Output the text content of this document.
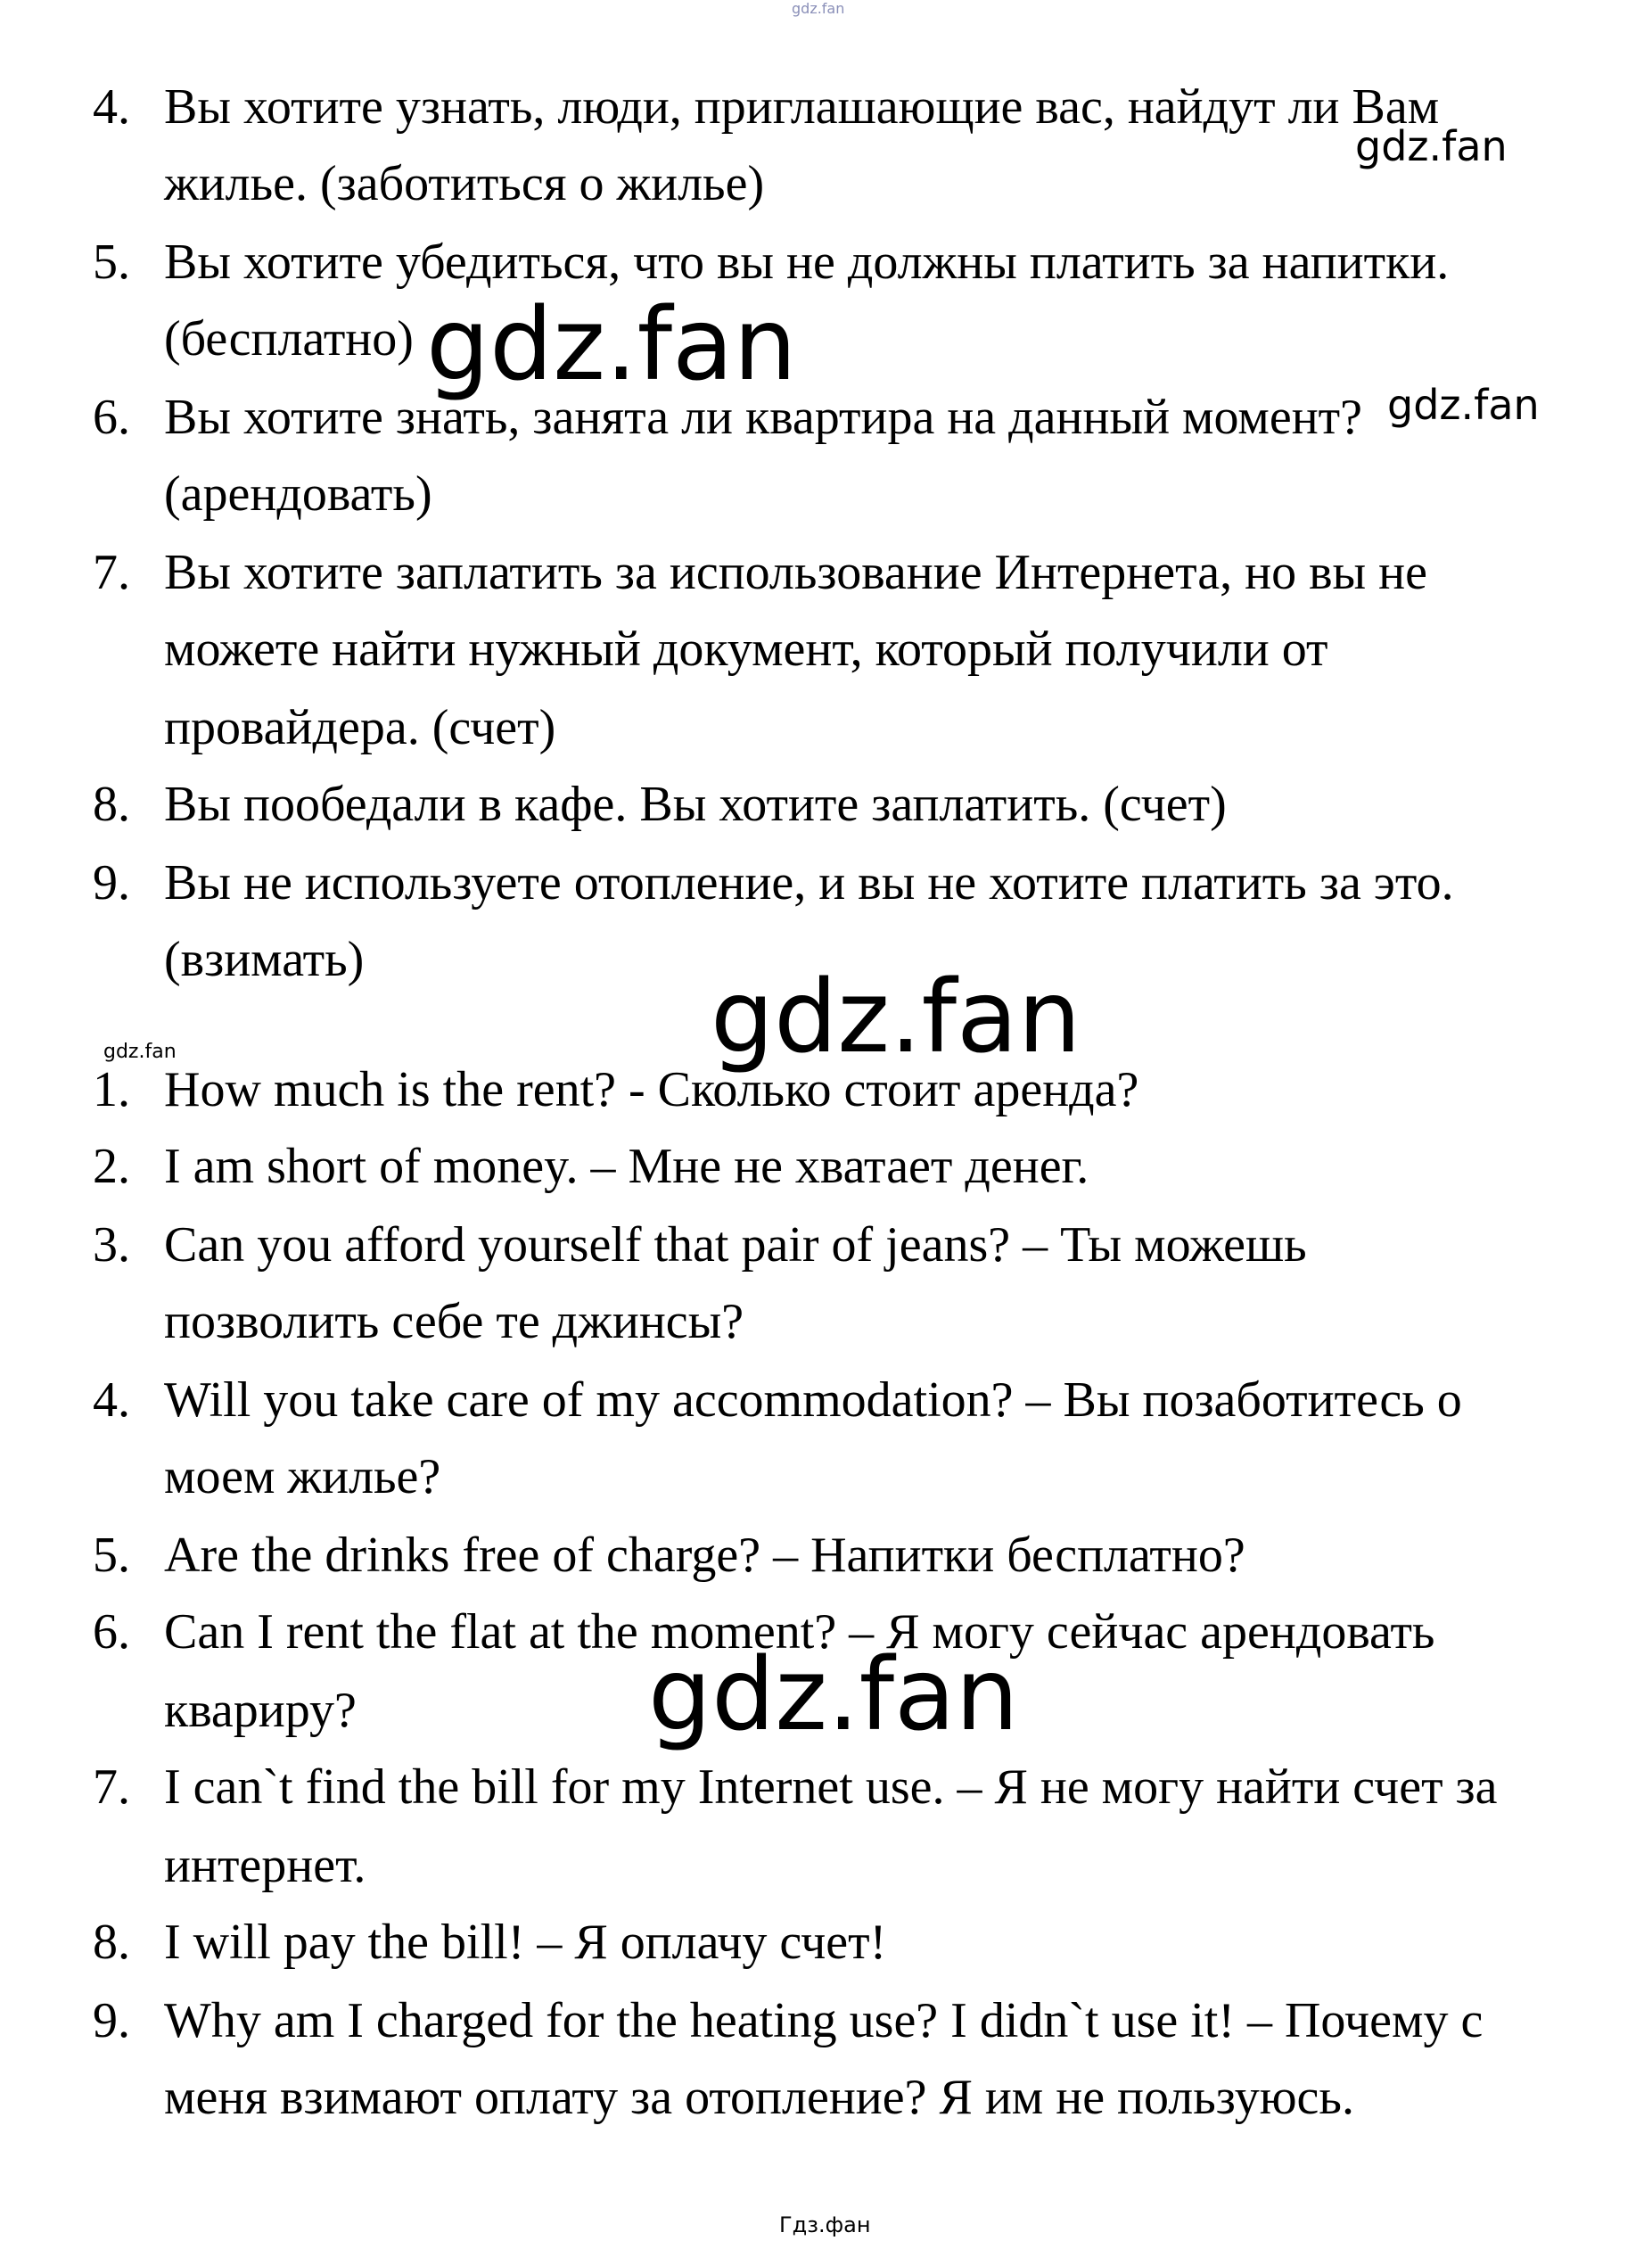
4. Вы хотите узнать, люди, приглашающие вас, найдут ли Вам
жилье. (заботиться о жилье)
5. Вы хотите убедиться, что вы не должны платить за напитки.
(бесплатно)
6. Вы хотите знать, занята ли квартира на данный момент?
(арендовать)
7. Вы хотите заплатить за использование Интернета, но вы не
можете найти нужный документ, который получили от
провайдера. (счет)
8. Вы пообедали в кафе. Вы хотите заплатить. (счет)
9. Вы не используете отопление, и вы не хотите платить за это.
(взимать)
1. How much is the rent? - Сколько стоит аренда?
2. I am short of money. – Мне не хватает денег.
3. Can you afford yourself that pair of jeans? – Ты можешь
позволить себе те джинсы?
4. Will you take care of my accommodation? – Вы позаботитесь о
моем жилье?
5. Are the drinks free of charge? – Напитки бесплатно?
6. Can I rent the flat at the moment? – Я могу сейчас арендовать
квариру?
7. I can`t find the bill for my Internet use. – Я не могу найти счет за
интернет.
8. I will pay the bill! – Я оплачу счет!
9. Why am I charged for the heating use? I didn`t use it! – Почему с
меня взимают оплату за отопление? Я им не пользуюсь.
gdz.fan
gdz.fan
gdz.fan
gdz.fan
gdz.fan
gdz.fan
gdz.fan
Гдз.фан
